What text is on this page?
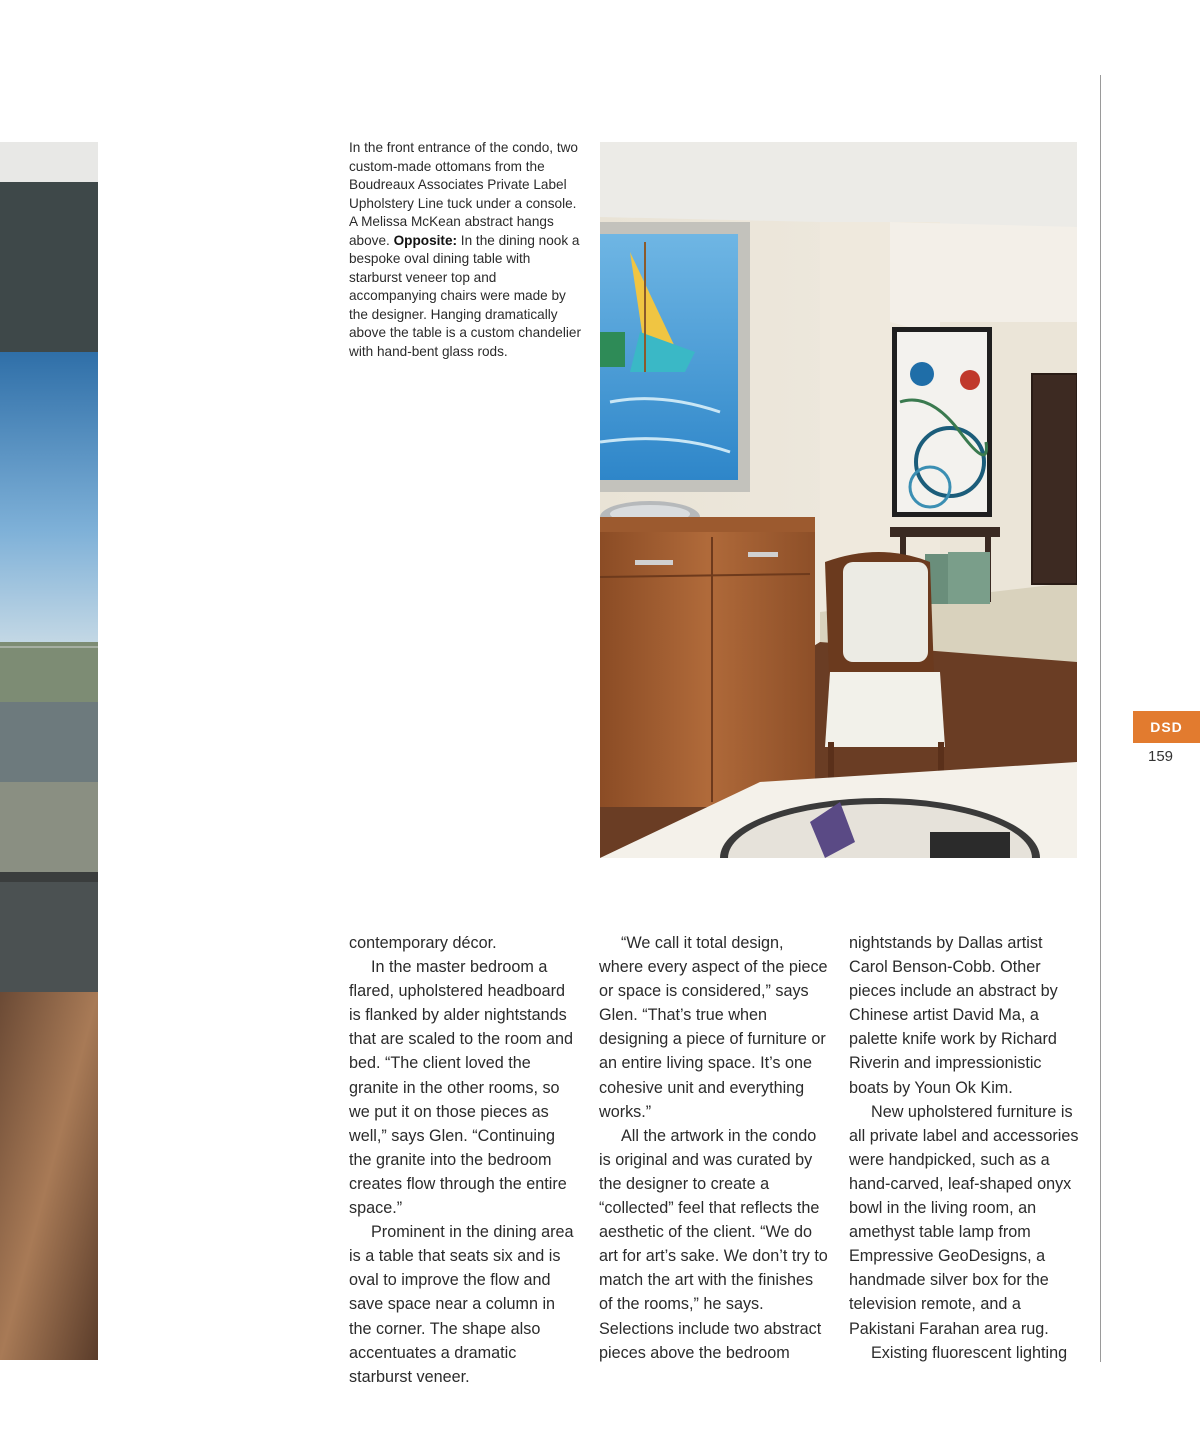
In the front entrance of the condo, two custom-made ottomans from the Boudreaux Associates Private Label Upholstery Line tuck under a console. A Melissa McKean abstract hangs above. Opposite: In the dining nook a bespoke oval dining table with starburst veneer top and accompanying chairs were made by the designer. Hanging dramatically above the table is a custom chandelier with hand-bent glass rods.
DSD
159

contemporary décor.

In the master bedroom a flared, upholstered headboard is flanked by alder nightstands that are scaled to the room and bed. “The client loved the granite in the other rooms, so we put it on those pieces as well,” says Glen. “Continuing the granite into the bedroom creates flow through the entire space.”

Prominent in the dining area is a table that seats six and is oval to improve the flow and save space near a column in the corner. The shape also accentuates a dramatic starburst veneer.

“We call it total design, where every aspect of the piece or space is considered,” says Glen. “That’s true when designing a piece of furniture or an entire living space. It’s one cohesive unit and everything works.”

All the artwork in the condo is original and was curated by the designer to create a “collected” feel that reflects the aesthetic of the client. “We do art for art’s sake. We don’t try to match the art with the finishes of the rooms,” he says. Selections include two abstract pieces above the bedroom

nightstands by Dallas artist Carol Benson-Cobb. Other pieces include an abstract by Chinese artist David Ma, a palette knife work by Richard Riverin and impressionistic boats by Youn Ok Kim.

New upholstered furniture is all private label and accessories were handpicked, such as a hand-carved, leaf-shaped onyx bowl in the living room, an amethyst table lamp from Empressive GeoDesigns, a handmade silver box for the television remote, and a Pakistani Farahan area rug.

Existing fluorescent lighting
